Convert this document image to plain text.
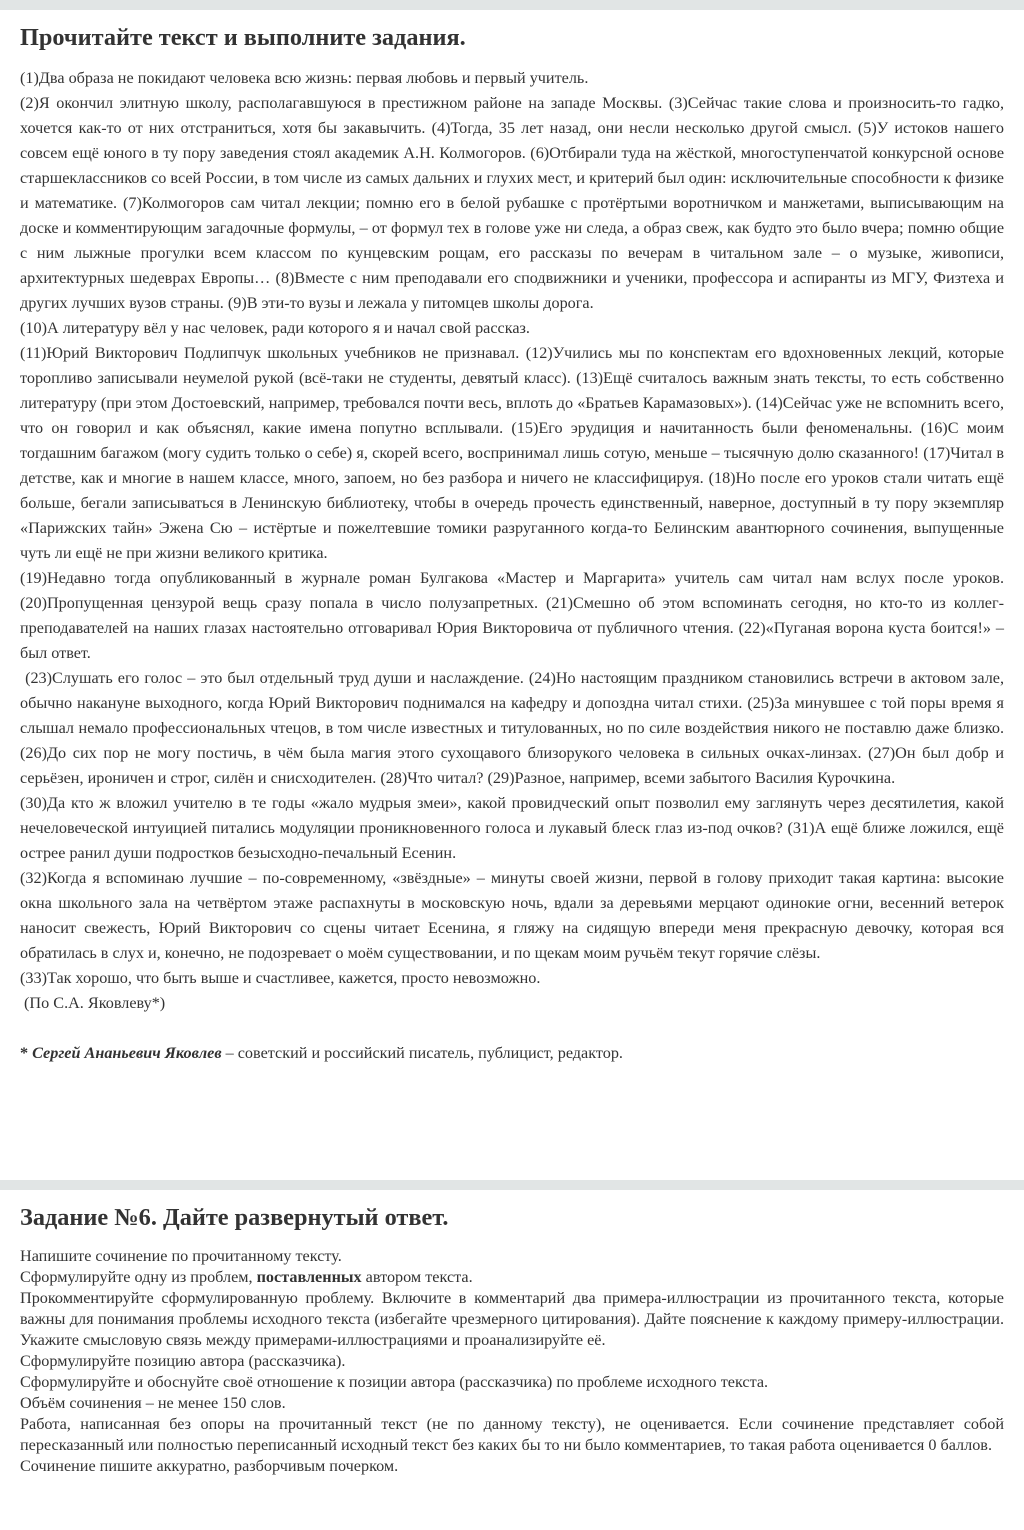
Прочитайте текст и выполните задания.

(1)Два образа не покидают человека всю жизнь: первая любовь и первый учитель.

(2)Я окончил элитную школу, располагавшуюся в престижном районе на западе Москвы. (3)Сейчас такие слова и произносить-то гадко, хочется как-то от них отстраниться, хотя бы закавычить. (4)Тогда, 35 лет назад, они несли несколько другой смысл. (5)У истоков нашего совсем ещё юного в ту пору заведения стоял академик А.Н. Колмогоров. (6)Отбирали туда на жёсткой, многоступенчатой конкурсной основе старшеклассников со всей России, в том числе из самых дальних и глухих мест, и критерий был один: исключительные способности к физике и математике. (7)Колмогоров сам читал лекции; помню его в белой рубашке с протёртыми воротничком и манжетами, выписывающим на доске и комментирующим загадочные формулы, – от формул тех в голове уже ни следа, а образ свеж, как будто это было вчера; помню общие с ним лыжные прогулки всем классом по кунцевским рощам, его рассказы по вечерам в читальном зале – о музыке, живописи, архитектурных шедеврах Европы… (8)Вместе с ним преподавали его сподвижники и ученики, профессора и аспиранты из МГУ, Физтеха и других лучших вузов страны. (9)В эти-то вузы и лежала у питомцев школы дорога.

(10)А литературу вёл у нас человек, ради которого я и начал свой рассказ.

(11)Юрий Викторович Подлипчук школьных учебников не признавал. (12)Учились мы по конспектам его вдохновенных лекций, которые торопливо записывали неумелой рукой (всё-таки не студенты, девятый класс). (13)Ещё считалось важным знать тексты, то есть собственно литературу (при этом Достоевский, например, требовался почти весь, вплоть до «Братьев Карамазовых»). (14)Сейчас уже не вспомнить всего, что он говорил и как объяснял, какие имена попутно всплывали. (15)Его эрудиция и начитанность были феноменальны. (16)С моим тогдашним багажом (могу судить только о себе) я, скорей всего, воспринимал лишь сотую, меньше – тысячную долю сказанного! (17)Читал в детстве, как и многие в нашем классе, много, запоем, но без разбора и ничего не классифицируя. (18)Но после его уроков стали читать ещё больше, бегали записываться в Ленинскую библиотеку, чтобы в очередь прочесть единственный, наверное, доступный в ту пору экземпляр «Парижских тайн» Эжена Сю – истёртые и пожелтевшие томики разруганного когда-то Белинским авантюрного сочинения, выпущенные чуть ли ещё не при жизни великого критика.

(19)Недавно тогда опубликованный в журнале роман Булгакова «Мастер и Маргарита» учитель сам читал нам вслух после уроков. (20)Пропущенная цензурой вещь сразу попала в число полузапретных. (21)Смешно об этом вспоминать сегодня, но кто-то из коллег-преподавателей на наших глазах настоятельно отговаривал Юрия Викторовича от публичного чтения. (22)«Пуганая ворона куста боится!» – был ответ.

(23)Слушать его голос – это был отдельный труд души и наслаждение. (24)Но настоящим праздником становились встречи в актовом зале, обычно накануне выходного, когда Юрий Викторович поднимался на кафедру и допоздна читал стихи. (25)За минувшее с той поры время я слышал немало профессиональных чтецов, в том числе известных и титулованных, но по силе воздействия никого не поставлю даже близко. (26)До сих пор не могу постичь, в чём была магия этого сухощавого близорукого человека в сильных очках-линзах. (27)Он был добр и серьёзен, ироничен и строг, силён и снисходителен. (28)Что читал? (29)Разное, например, всеми забытого Василия Курочкина.

(30)Да кто ж вложил учителю в те годы «жало мудрыя змеи», какой провидческий опыт позволил ему заглянуть через десятилетия, какой нечеловеческой интуицией питались модуляции проникновенного голоса и лукавый блеск глаз из-под очков? (31)А ещё ближе ложился, ещё острее ранил души подростков безысходно-печальный Есенин.

(32)Когда я вспоминаю лучшие – по-современному, «звёздные» – минуты своей жизни, первой в голову приходит такая картина: высокие окна школьного зала на четвёртом этаже распахнуты в московскую ночь, вдали за деревьями мерцают одинокие огни, весенний ветерок наносит свежесть, Юрий Викторович со сцены читает Есенина, я гляжу на сидящую впереди меня прекрасную девочку, которая вся обратилась в слух и, конечно, не подозревает о моём существовании, и по щекам моим ручьём текут горячие слёзы.

(33)Так хорошо, что быть выше и счастливее, кажется, просто невозможно.

(По С.А. Яковлеву*)

* Сергей Ананьевич Яковлев – советский и российский писатель, публицист, редактор.

Задание №6. Дайте развернутый ответ.

Напишите сочинение по прочитанному тексту.

Сформулируйте одну из проблем, поставленных автором текста.

Прокомментируйте сформулированную проблему. Включите в комментарий два примера-иллюстрации из прочитанного текста, которые важны для понимания проблемы исходного текста (избегайте чрезмерного цитирования). Дайте пояснение к каждому примеру-иллюстрации. Укажите смысловую связь между примерами-иллюстрациями и проанализируйте её.

Сформулируйте позицию автора (рассказчика).

Сформулируйте и обоснуйте своё отношение к позиции автора (рассказчика) по проблеме исходного текста.

Объём сочинения – не менее 150 слов.

Работа, написанная без опоры на прочитанный текст (не по данному тексту), не оценивается. Если сочинение представляет собой пересказанный или полностью переписанный исходный текст без каких бы то ни было комментариев, то такая работа оценивается 0 баллов.

Сочинение пишите аккуратно, разборчивым почерком.
